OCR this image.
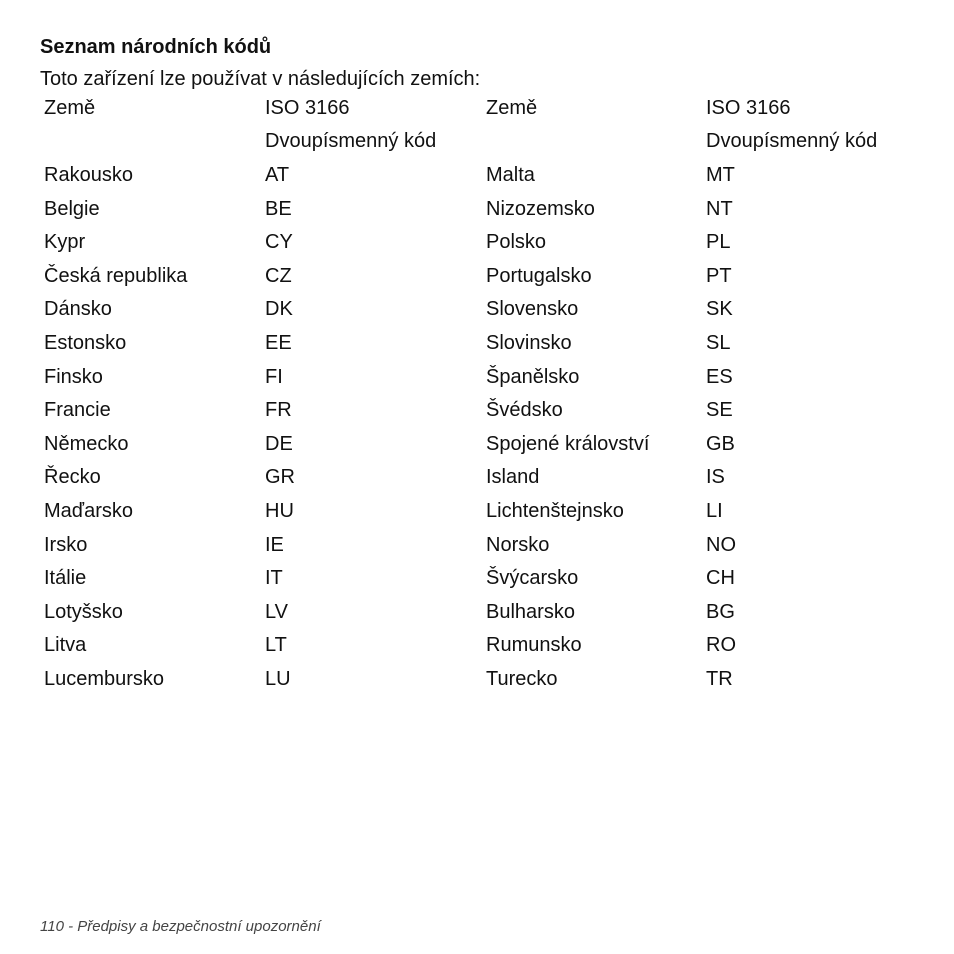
Seznam národních kódů

Toto zařízení lze používat v následujících zemích:

Země	ISO 3166	Země	ISO 3166
	Dvoupísmenný kód		Dvoupísmenný kód
Rakousko	AT	Malta	MT
Belgie	BE	Nizozemsko	NT
Kypr	CY	Polsko	PL
Česká republika	CZ	Portugalsko	PT
Dánsko	DK	Slovensko	SK
Estonsko	EE	Slovinsko	SL
Finsko	FI	Španělsko	ES
Francie	FR	Švédsko	SE
Německo	DE	Spojené království	GB
Řecko	GR	Island	IS
Maďarsko	HU	Lichtenštejnsko	LI
Irsko	IE	Norsko	NO
Itálie	IT	Švýcarsko	CH
Lotyšsko	LV	Bulharsko	BG
Litva	LT	Rumunsko	RO
Lucembursko	LU	Turecko	TR
110 - Předpisy a bezpečnostní upozornění
